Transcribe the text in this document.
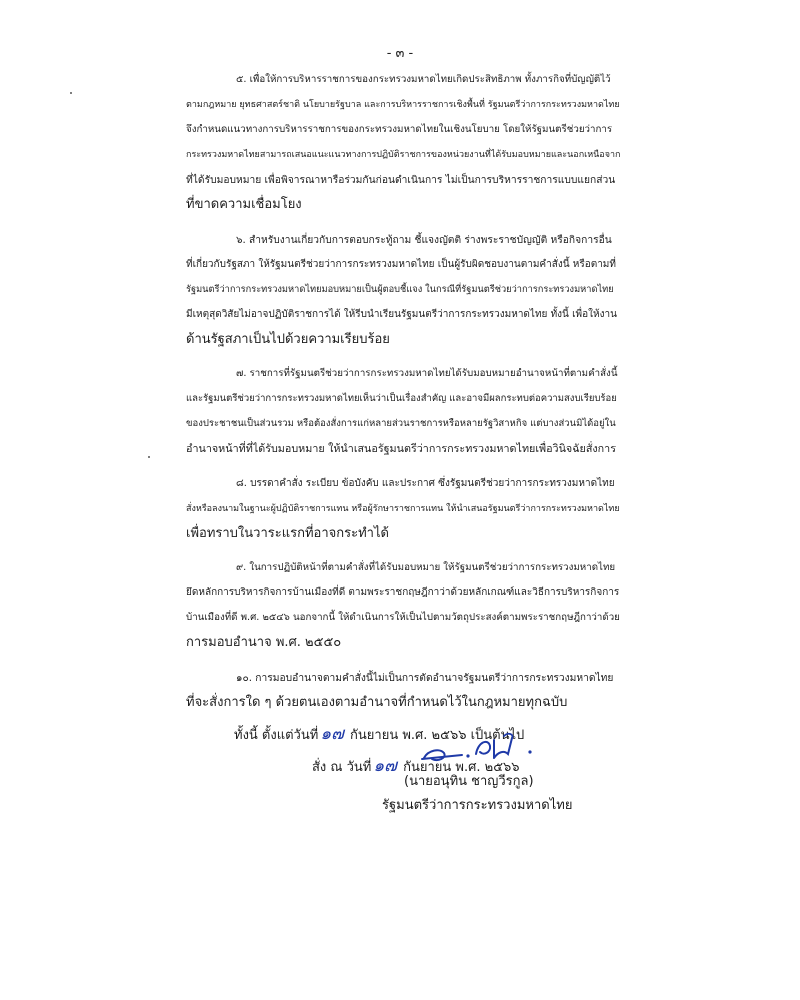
- ๓ -
๕. เพื่อให้การบริหารราชการของกระทรวงมหาดไทยเกิดประสิทธิภาพ ทั้งภารกิจที่บัญญัติไว้
ตามกฎหมาย ยุทธศาสตร์ชาติ นโยบายรัฐบาล และการบริหารราชการเชิงพื้นที่ รัฐมนตรีว่าการกระทรวงมหาดไทย
จึงกำหนดแนวทางการบริหารราชการของกระทรวงมหาดไทยในเชิงนโยบาย โดยให้รัฐมนตรีช่วยว่าการ
กระทรวงมหาดไทยสามารถเสนอแนะแนวทางการปฏิบัติราชการของหน่วยงานที่ได้รับมอบหมายและนอกเหนือจาก
ที่ได้รับมอบหมาย เพื่อพิจารณาหารือร่วมกันก่อนดำเนินการ ไม่เป็นการบริหารราชการแบบแยกส่วน
ที่ขาดความเชื่อมโยง
๖. สำหรับงานเกี่ยวกับการตอบกระทู้ถาม ชี้แจงญัตติ ร่างพระราชบัญญัติ หรือกิจการอื่น
ที่เกี่ยวกับรัฐสภา ให้รัฐมนตรีช่วยว่าการกระทรวงมหาดไทย เป็นผู้รับผิดชอบงานตามคำสั่งนี้ หรือตามที่
รัฐมนตรีว่าการกระทรวงมหาดไทยมอบหมายเป็นผู้ตอบชี้แจง ในกรณีที่รัฐมนตรีช่วยว่าการกระทรวงมหาดไทย
มีเหตุสุดวิสัยไม่อาจปฏิบัติราชการได้ ให้รีบนำเรียนรัฐมนตรีว่าการกระทรวงมหาดไทย ทั้งนี้ เพื่อให้งาน
ด้านรัฐสภาเป็นไปด้วยความเรียบร้อย
๗. ราชการที่รัฐมนตรีช่วยว่าการกระทรวงมหาดไทยได้รับมอบหมายอำนาจหน้าที่ตามคำสั่งนี้
และรัฐมนตรีช่วยว่าการกระทรวงมหาดไทยเห็นว่าเป็นเรื่องสำคัญ และอาจมีผลกระทบต่อความสงบเรียบร้อย
ของประชาชนเป็นส่วนรวม หรือต้องสั่งการแก่หลายส่วนราชการหรือหลายรัฐวิสาหกิจ แต่บางส่วนมิได้อยู่ใน
อำนาจหน้าที่ที่ได้รับมอบหมาย ให้นำเสนอรัฐมนตรีว่าการกระทรวงมหาดไทยเพื่อวินิจฉัยสั่งการ
๘. บรรดาคำสั่ง ระเบียบ ข้อบังคับ และประกาศ ซึ่งรัฐมนตรีช่วยว่าการกระทรวงมหาดไทย
สั่งหรือลงนามในฐานะผู้ปฏิบัติราชการแทน หรือผู้รักษาราชการแทน ให้นำเสนอรัฐมนตรีว่าการกระทรวงมหาดไทย
เพื่อทราบในวาระแรกที่อาจกระทำได้
๙. ในการปฏิบัติหน้าที่ตามคำสั่งที่ได้รับมอบหมาย ให้รัฐมนตรีช่วยว่าการกระทรวงมหาดไทย
ยึดหลักการบริหารกิจการบ้านเมืองที่ดี ตามพระราชกฤษฎีกาว่าด้วยหลักเกณฑ์และวิธีการบริหารกิจการ
บ้านเมืองที่ดี พ.ศ. ๒๕๔๖ นอกจากนี้ ให้ดำเนินการให้เป็นไปตามวัตถุประสงค์ตามพระราชกฤษฎีกาว่าด้วย
การมอบอำนาจ พ.ศ. ๒๕๕๐
๑๐. การมอบอำนาจตามคำสั่งนี้ไม่เป็นการตัดอำนาจรัฐมนตรีว่าการกระทรวงมหาดไทย
ที่จะสั่งการใด ๆ ด้วยตนเองตามอำนาจที่กำหนดไว้ในกฎหมายทุกฉบับ
ทั้งนี้ ตั้งแต่วันที่ ๑๗ กันยายน พ.ศ. ๒๕๖๖ เป็นต้นไป
สั่ง ณ วันที่ ๑๗ กันยายน พ.ศ. ๒๕๖๖
(นายอนุทิน ชาญวีรกูล)
รัฐมนตรีว่าการกระทรวงมหาดไทย
